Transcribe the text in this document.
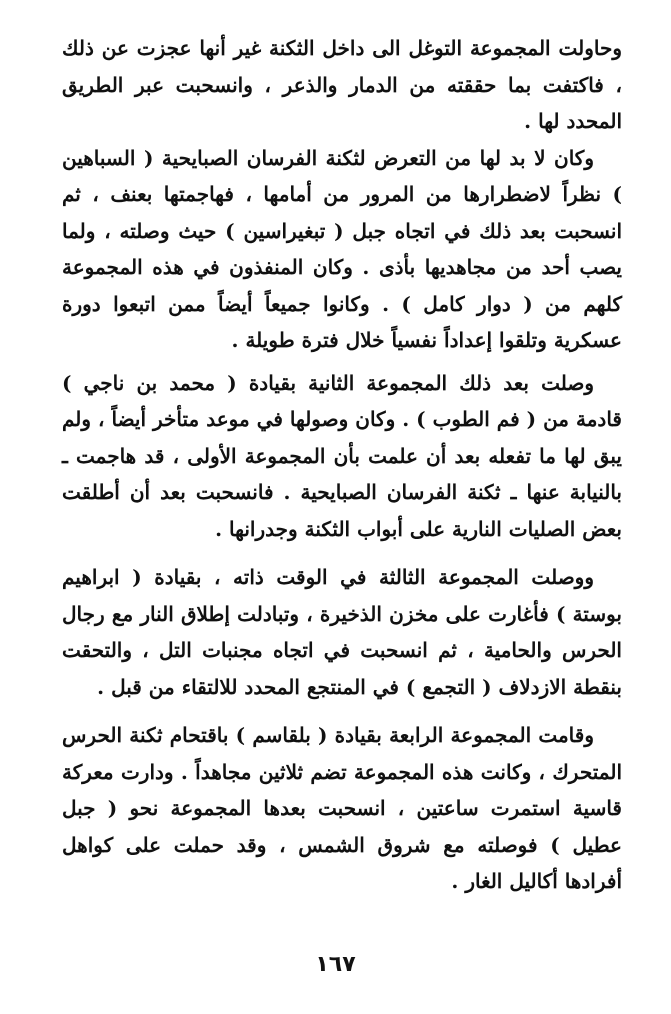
وحاولت المجموعة التوغل الى داخل الثكنة غير أنها عجزت عن ذلك ، فاكتفت بما حققته من الدمار والذعر ، وانسحبت عبر الطريق المحدد لها .

وكان لا بد لها من التعرض لثكنة الفرسان الصبايحية ( السباهين ) نظراً لاضطرارها من المرور من أمامها ، فهاجمتها بعنف ، ثم انسحبت بعد ذلك في اتجاه جبل ( تبغيراسين ) حيث وصلته ، ولما يصب أحد من مجاهديها بأذى . وكان المنفذون في هذه المجموعة كلهم من ( دوار كامل ) . وكانوا جميعاً أيضاً ممن اتبعوا دورة عسكرية وتلقوا إعداداً نفسياً خلال فترة طويلة .

وصلت بعد ذلك المجموعة الثانية بقيادة ( محمد بن ناجي ) قادمة من ( فم الطوب ) . وكان وصولها في موعد متأخر أيضاً ، ولم يبق لها ما تفعله بعد أن علمت بأن المجموعة الأولى ، قد هاجمت ـ بالنيابة عنها ـ ثكنة الفرسان الصبايحية . فانسحبت بعد أن أطلقت بعض الصليات النارية على أبواب الثكنة وجدرانها .

ووصلت المجموعة الثالثة في الوقت ذاته ، بقيادة ( ابراهيم بوستة ) فأغارت على مخزن الذخيرة ، وتبادلت إطلاق النار مع رجال الحرس والحامية ، ثم انسحبت في اتجاه مجنبات التل ، والتحقت بنقطة الازدلاف ( التجمع ) في المنتجع المحدد للالتقاء من قبل .

وقامت المجموعة الرابعة بقيادة ( بلقاسم ) باقتحام ثكنة الحرس المتحرك ، وكانت هذه المجموعة تضم ثلاثين مجاهداً . ودارت معركة قاسية استمرت ساعتين ، انسحبت بعدها المجموعة نحو ( جبل عطيل ) فوصلته مع شروق الشمس ، وقد حملت على كواهل أفرادها أكاليل الغار .

١٦٧
